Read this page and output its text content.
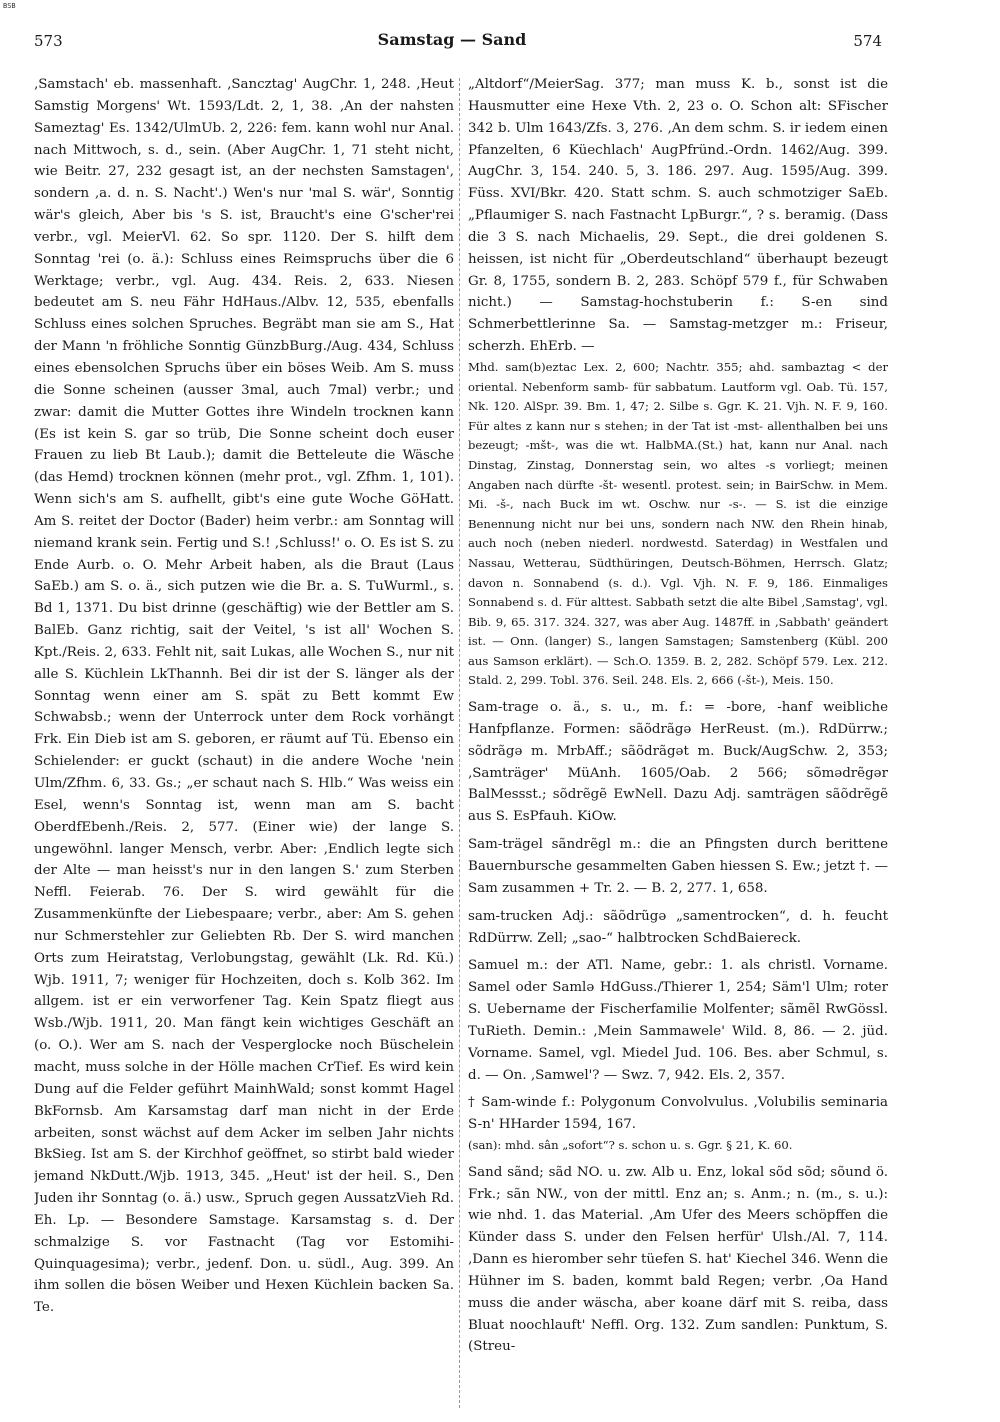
BSB
573	Samstag — Sand	574

‚Samstach' eb. massenhaft. ‚Sancztag' AugChr. 1, 248. ‚Heut Samstig Morgens' Wt. 1593/Ldt. 2, 1, 38. ‚An der nahsten Sameztag' Es. 1342/UlmUb. 2, 226: fem. kann wohl nur Anal. nach Mittwoch, s. d., sein. (Aber AugChr. 1, 71 steht nicht, wie Beitr. 27, 232 gesagt ist, an der nechsten Samstagen', sondern ‚a. d. n. S. Nacht'.) Wen's nur 'mal S. wär', Sonntig wär's gleich, Aber bis 's S. ist, Braucht's eine G'scher'rei verbr., vgl. MeierVl. 62. So spr. 1120. Der S. hilft dem Sonntag 'rei (o. ä.): Schluss eines Reimspruchs über die 6 Werktage; verbr., vgl. Aug. 434. Reis. 2, 633. Niesen bedeutet am S. neu Fähr HdHaus./Albv. 12, 535, ebenfalls Schluss eines solchen Spruches. Begräbt man sie am S., Hat der Mann 'n fröhliche Sonntig GünzbBurg./Aug. 434, Schluss eines ebensolchen Spruchs über ein böses Weib. Am S. muss die Sonne scheinen (ausser 3mal, auch 7mal) verbr.; und zwar: damit die Mutter Gottes ihre Windeln trocknen kann (Es ist kein S. gar so trüb, Die Sonne scheint doch euser Frauen zu lieb Bt Laub.); damit die Betteleute die Wäsche (das Hemd) trocknen können (mehr prot., vgl. Zfhm. 1, 101). Wenn sich's am S. aufhellt, gibt's eine gute Woche GöHatt. Am S. reitet der Doctor (Bader) heim verbr.: am Sonntag will niemand krank sein. Fertig und S.! ‚Schluss!' o. O. Es ist S. zu Ende Aurb. o. O. Mehr Arbeit haben, als die Braut (Laus SaEb.) am S. o. ä., sich putzen wie die Br. a. S. TuWurml., s. Bd 1, 1371. Du bist drinne (geschäftig) wie der Bettler am S. BalEb. Ganz richtig, sait der Veitel, 's ist all' Wochen S. Kpt./Reis. 2, 633. Fehlt nit, sait Lukas, alle Wochen S., nur nit alle S. Küchlein LkThannh. Bei dir ist der S. länger als der Sonntag wenn einer am S. spät zu Bett kommt Ew Schwabsb.; wenn der Unterrock unter dem Rock vorhängt Frk. Ein Dieb ist am S. geboren, er räumt auf Tü. Ebenso ein Schielender: er guckt (schaut) in die andere Woche 'nein Ulm/Zfhm. 6, 33. Gs.; „er schaut nach S. Hlb.“ Was weiss ein Esel, wenn's Sonntag ist, wenn man am S. bacht OberdfEbenh./Reis. 2, 577. (Einer wie) der lange S. ungewöhnl. langer Mensch, verbr. Aber: ‚Endlich legte sich der Alte — man heisst's nur in den langen S.' zum Sterben Neffl. Feierab. 76. Der S. wird gewählt für die Zusammenkünfte der Liebespaare; verbr., aber: Am S. gehen nur Schmerstehler zur Geliebten Rb. Der S. wird manchen Orts zum Heiratstag, Verlobungstag, gewählt (Lk. Rd. Kü.) Wjb. 1911, 7; weniger für Hochzeiten, doch s. Kolb 362. Im allgem. ist er ein verworfener Tag. Kein Spatz fliegt aus Wsb./Wjb. 1911, 20. Man fängt kein wichtiges Geschäft an (o. O.). Wer am S. nach der Vesperglocke noch Büschelein macht, muss solche in der Hölle machen CrTief. Es wird kein Dung auf die Felder geführt MainhWald; sonst kommt Hagel BkFornsb. Am Karsamstag darf man nicht in der Erde arbeiten, sonst wächst auf dem Acker im selben Jahr nichts BkSieg. Ist am S. der Kirchhof geöffnet, so stirbt bald wieder jemand NkDutt./Wjb. 1913, 345. „Heut' ist der heil. S., Den Juden ihr Sonntag (o. ä.) usw., Spruch gegen AussatzVieh Rd. Eh. Lp. — Besondere Samstage. Karsamstag s. d. Der schmalzige S. vor Fastnacht (Tag vor Estomihi-Quinquagesima); verbr., jedenf. Don. u. südl., Aug. 399. An ihm sollen die bösen Weiber und Hexen Küchlein backen Sa. Te.

„Altdorf“/MeierSag. 377; man muss K. b., sonst ist die Hausmutter eine Hexe Vth. 2, 23 o. O. Schon alt: SFischer 342 b. Ulm 1643/Zfs. 3, 276. ‚An dem schm. S. ir iedem einen Pfanzelten, 6 Küechlach' AugPfründ.-Ordn. 1462/Aug. 399. AugChr. 3, 154. 240. 5, 3. 186. 297. Aug. 1595/Aug. 399. Füss. XVI/Bkr. 420. Statt schm. S. auch schmotziger SaEb. „Pflaumiger S. nach Fastnacht LpBurgr.“, ? s. beramig. (Dass die 3 S. nach Michaelis, 29. Sept., die drei goldenen S. heissen, ist nicht für „Oberdeutschland“ überhaupt bezeugt Gr. 8, 1755, sondern B. 2, 283. Schöpf 579 f., für Schwaben nicht.) — Samstag-hochstuberin f.: S-en sind Schmerbettlerinne Sa. — Samstag-metzger m.: Friseur, scherzh. EhErb. —

Mhd. sam(b)eztac Lex. 2, 600; Nachtr. 355; ahd. sambaztag < der oriental. Nebenform samb- für sabbatum. Lautform vgl. Oab. Tü. 157, Nk. 120. AlSpr. 39. Bm. 1, 47; 2. Silbe s. Ggr. K. 21. Vjh. N. F. 9, 160. Für altes z kann nur s stehen; in der Tat ist -mst- allenthalben bei uns bezeugt; -mšt-, was die wt. HalbMA.(St.) hat, kann nur Anal. nach Dinstag, Zinstag, Donnerstag sein, wo altes -s vorliegt; meinen Angaben nach dürfte -št- wesentl. protest. sein; in BairSchw. in Mem. Mi. -š-, nach Buck im wt. Oschw. nur -s-. — S. ist die einzige Benennung nicht nur bei uns, sondern nach NW. den Rhein hinab, auch noch (neben niederl. nordwestd. Saterdag) in Westfalen und Nassau, Wetterau, Südthüringen, Deutsch-Böhmen, Herrsch. Glatz; davon n. Sonnabend (s. d.). Vgl. Vjh. N. F. 9, 186. Einmaliges Sonnabend s. d. Für alttest. Sabbath setzt die alte Bibel ‚Samstag', vgl. Bib. 9, 65. 317. 324. 327, was aber Aug. 1487ff. in ‚Sabbath' geändert ist. — Onn. (langer) S., langen Samstagen; Samstenberg (Kübl. 200 aus Samson erklärt). — Sch.O. 1359. B. 2, 282. Schöpf 579. Lex. 212. Stald. 2, 299. Tobl. 376. Seil. 248. Els. 2, 666 (-št-), Meis. 150.

Sam-trage o. ä., s. u., m. f.: = -bore, -hanf weibliche Hanfpflanze. Formen: sãõdrãgə HerReust. (m.). RdDürrw.; sõdrãgə m. MrbAff.; sãõdrãgət m. Buck/AugSchw. 2, 353; ‚Samträger' MüAnh. 1605/Oab. 2 566; sõmədrẽgər BalMessst.; sõdrẽgẽ EwNell. Dazu Adj. samträgen sãõdrẽgẽ aus S. EsPfauh. KiOw.

Sam-trägel sãndrẽgl m.: die an Pfingsten durch berittene Bauernbursche gesammelten Gaben hiessen S. Ew.; jetzt †. — Sam zusammen + Tr. 2. — B. 2, 277. 1, 658.

sam-trucken Adj.: sãõdrũgə „samentrocken“, d. h. feucht RdDürrw. Zell; „sao-“ halbtrocken SchdBaiereck.

Samuel m.: der ATl. Name, gebr.: 1. als christl. Vorname. Samel oder Samlə HdGuss./Thierer 1, 254; Säm'l Ulm; roter S. Uebername der Fischerfamilie Molfenter; sãmẽl RwGössl. TuRieth. Demin.: ‚Mein Sammawele' Wild. 8, 86. — 2. jüd. Vorname. Samel, vgl. Miedel Jud. 106. Bes. aber Schmul, s. d. — On. ‚Samwel'? — Swz. 7, 942. Els. 2, 357.

† Sam-winde f.: Polygonum Convolvulus. ‚Volubilis seminaria S-n' HHarder 1594, 167.

(san): mhd. sân „sofort“? s. schon u. s. Ggr. § 21, K. 60.

Sand sãnd; sãd NO. u. zw. Alb u. Enz, lokal sõd sõd; sõund ö. Frk.; sãn NW., von der mittl. Enz an; s. Anm.; n. (m., s. u.): wie nhd. 1. das Material. ‚Am Ufer des Meers schöpffen die Künder dass S. under den Felsen herfür' Ulsh./Al. 7, 114. ‚Dann es hieromber sehr tüefen S. hat' Kiechel 346. Wenn die Hühner im S. baden, kommt bald Regen; verbr. ‚Oa Hand muss die ander wäscha, aber koane därf mit S. reiba, dass Bluat noochlauft' Neffl. Org. 132. Zum sandlen: Punktum, S. (Streu-
